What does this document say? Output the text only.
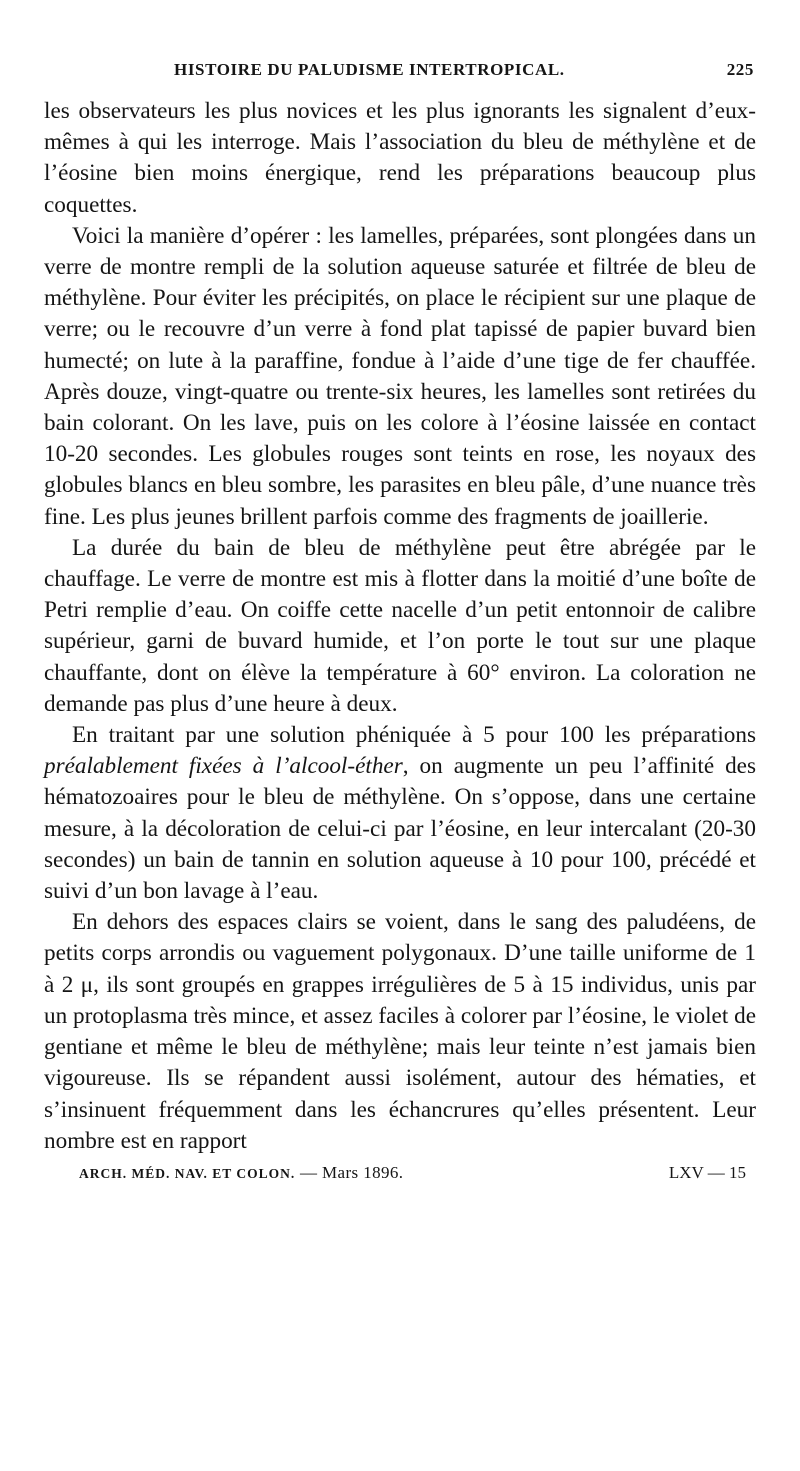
HISTOIRE DU PALUDISME INTERTROPICAL.	225

les observateurs les plus novices et les plus ignorants les signalent d’eux-mêmes à qui les interroge. Mais l’association du bleu de méthylène et de l’éosine bien moins énergique, rend les préparations beaucoup plus coquettes.

Voici la manière d’opérer : les lamelles, préparées, sont plongées dans un verre de montre rempli de la solution aqueuse saturée et filtrée de bleu de méthylène. Pour éviter les précipités, on place le récipient sur une plaque de verre; ou le recouvre d’un verre à fond plat tapissé de papier buvard bien humecté; on lute à la paraffine, fondue à l’aide d’une tige de fer chauffée. Après douze, vingt-quatre ou trente-six heures, les lamelles sont retirées du bain colorant. On les lave, puis on les colore à l’éosine laissée en contact 10-20 secondes. Les globules rouges sont teints en rose, les noyaux des globules blancs en bleu sombre, les parasites en bleu pâle, d’une nuance très fine. Les plus jeunes brillent parfois comme des fragments de joaillerie.

La durée du bain de bleu de méthylène peut être abrégée par le chauffage. Le verre de montre est mis à flotter dans la moitié d’une boîte de Petri remplie d’eau. On coiffe cette nacelle d’un petit entonnoir de calibre supérieur, garni de buvard humide, et l’on porte le tout sur une plaque chauffante, dont on élève la température à 60° environ. La coloration ne demande pas plus d’une heure à deux.

En traitant par une solution phéniquée à 5 pour 100 les préparations préalablement fixées à l’alcool-éther, on augmente un peu l’affinité des hématozoaires pour le bleu de méthylène. On s’oppose, dans une certaine mesure, à la décoloration de celui-ci par l’éosine, en leur intercalant (20-30 secondes) un bain de tannin en solution aqueuse à 10 pour 100, précédé et suivi d’un bon lavage à l’eau.

En dehors des espaces clairs se voient, dans le sang des paludéens, de petits corps arrondis ou vaguement polygonaux. D’une taille uniforme de 1 à 2 μ, ils sont groupés en grappes irrégulières de 5 à 15 individus, unis par un protoplasma très mince, et assez faciles à colorer par l’éosine, le violet de gentiane et même le bleu de méthylène; mais leur teinte n’est jamais bien vigoureuse. Ils se répandent aussi isolément, autour des hématies, et s’insinuent fréquemment dans les échancrures qu’elles présentent. Leur nombre est en rapport

ARCH. MÉD. NAV. ET COLON. — Mars 1896.	LXV — 15
